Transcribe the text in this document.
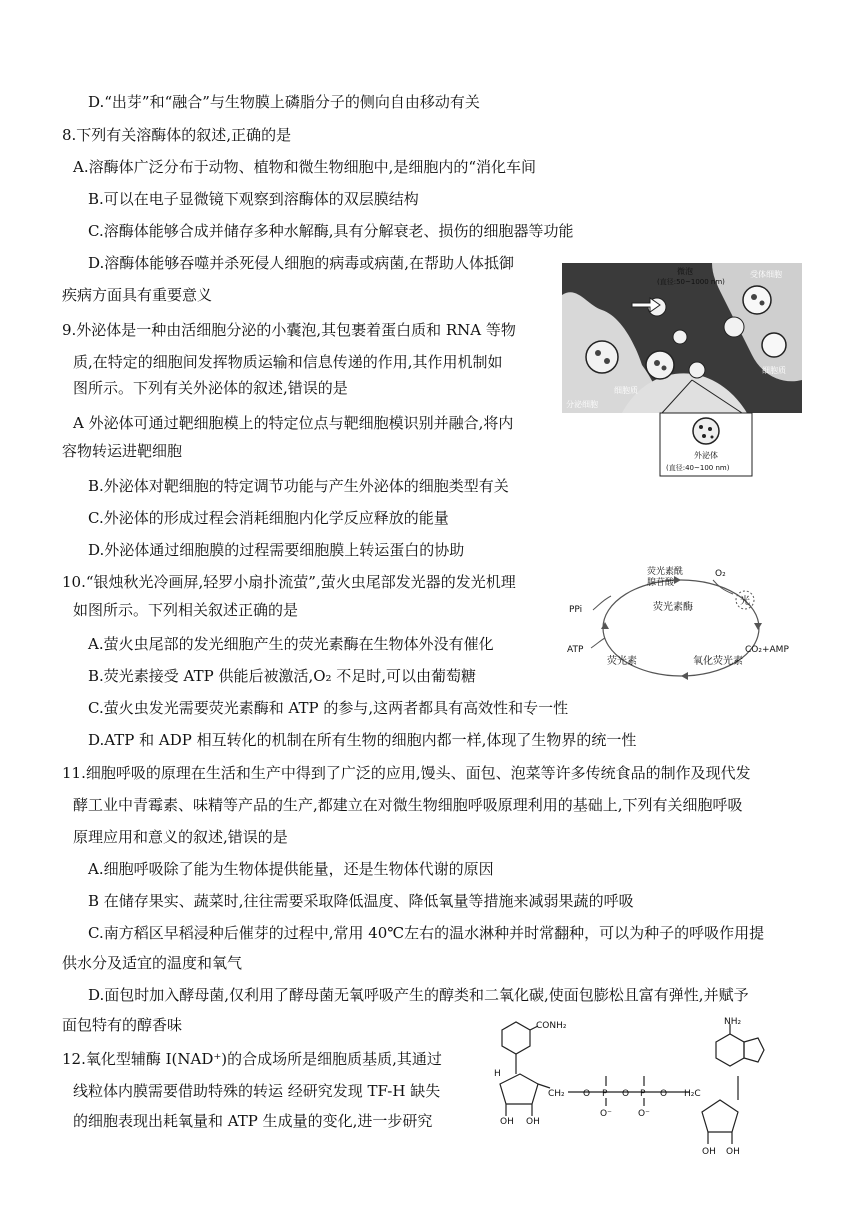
D.“出芽”和“融合”与生物膜上磷脂分子的侧向自由移动有关
8.下列有关溶酶体的叙述,正确的是
A.溶酶体广泛分布于动物、植物和微生物细胞中,是细胞内的“消化车间
B.可以在电子显微镜下观察到溶酶体的双层膜结构
C.溶酶体能够合成并储存多种水解酶,具有分解衰老、损伤的细胞器等功能
D.溶酶体能够吞噬并杀死侵人细胞的病毒或病菌,在帮助人体抵御
疾病方面具有重要意义
9.外泌体是一种由活细胞分泌的小囊泡,其包裹着蛋白质和 RNA 等物
质,在特定的细胞间发挥物质运输和信息传递的作用,其作用机制如
图所示。下列有关外泌体的叙述,错误的是
A 外泌体可通过靶细胞模上的特定位点与靶细胞模识别并融合,将内
容物转运进靶细胞
B.外泌体对靶细胞的特定调节功能与产生外泌体的细胞类型有关
C.外泌体的形成过程会消耗细胞内化学反应释放的能量
D.外泌体通过细胞膜的过程需要细胞膜上转运蛋白的协助
10.“银烛秋光冷画屏,轻罗小扇扑流萤”,萤火虫尾部发光器的发光机理
如图所示。下列相关叙述正确的是
A.萤火虫尾部的发光细胞产生的荧光素酶在生物体外没有催化
B.荧光素接受 ATP 供能后被激活,O₂ 不足时,可以由葡萄糖
C.萤火虫发光需要荧光素酶和 ATP 的参与,这两者都具有高效性和专一性
D.ATP 和 ADP 相互转化的机制在所有生物的细胞内都一样,体现了生物界的统一性
11.细胞呼吸的原理在生活和生产中得到了广泛的应用,馒头、面包、泡菜等许多传统食品的制作及现代发
酵工业中青霉素、味精等产品的生产,都建立在对微生物细胞呼吸原理利用的基础上,下列有关细胞呼吸
原理应用和意义的叙述,错误的是
A.细胞呼吸除了能为生物体提供能量，还是生物体代谢的原因
B 在储存果实、蔬菜时,往往需要采取降低温度、降低氧量等措施来减弱果蔬的呼吸
C.南方稻区早稻浸种后催芽的过程中,常用 40℃左右的温水淋种并时常翻种，可以为种子的呼吸作用提
供水分及适宜的温度和氧气
D.面包时加入酵母菌,仅利用了酵母菌无氧呼吸产生的醇类和二氧化碳,使面包膨松且富有弹性,并赋予
面包特有的醇香味
12.氧化型辅酶 I(NAD⁺)的合成场所是细胞质基质,其通过
线粒体内膜需要借助特殊的转运 经研究发现 TF-H 缺失
的细胞表现出耗氧量和 ATP 生成量的变化,进一步研究
微泡
(直径:50~1000 nm)
受体细胞
细胞质
细胞质
分泌细胞
外泌体
(直径:40~100 nm)
荧光素酰
腺苷酸
荧光素酶
O₂
光
PPi
ATP	CO₂+AMP
荧光素	氧化荧光素
CONH₂	NH₂
OH OH
OH OH
CH₂	H₂C
O	O	O
P	P
O⁻	O⁻
H
